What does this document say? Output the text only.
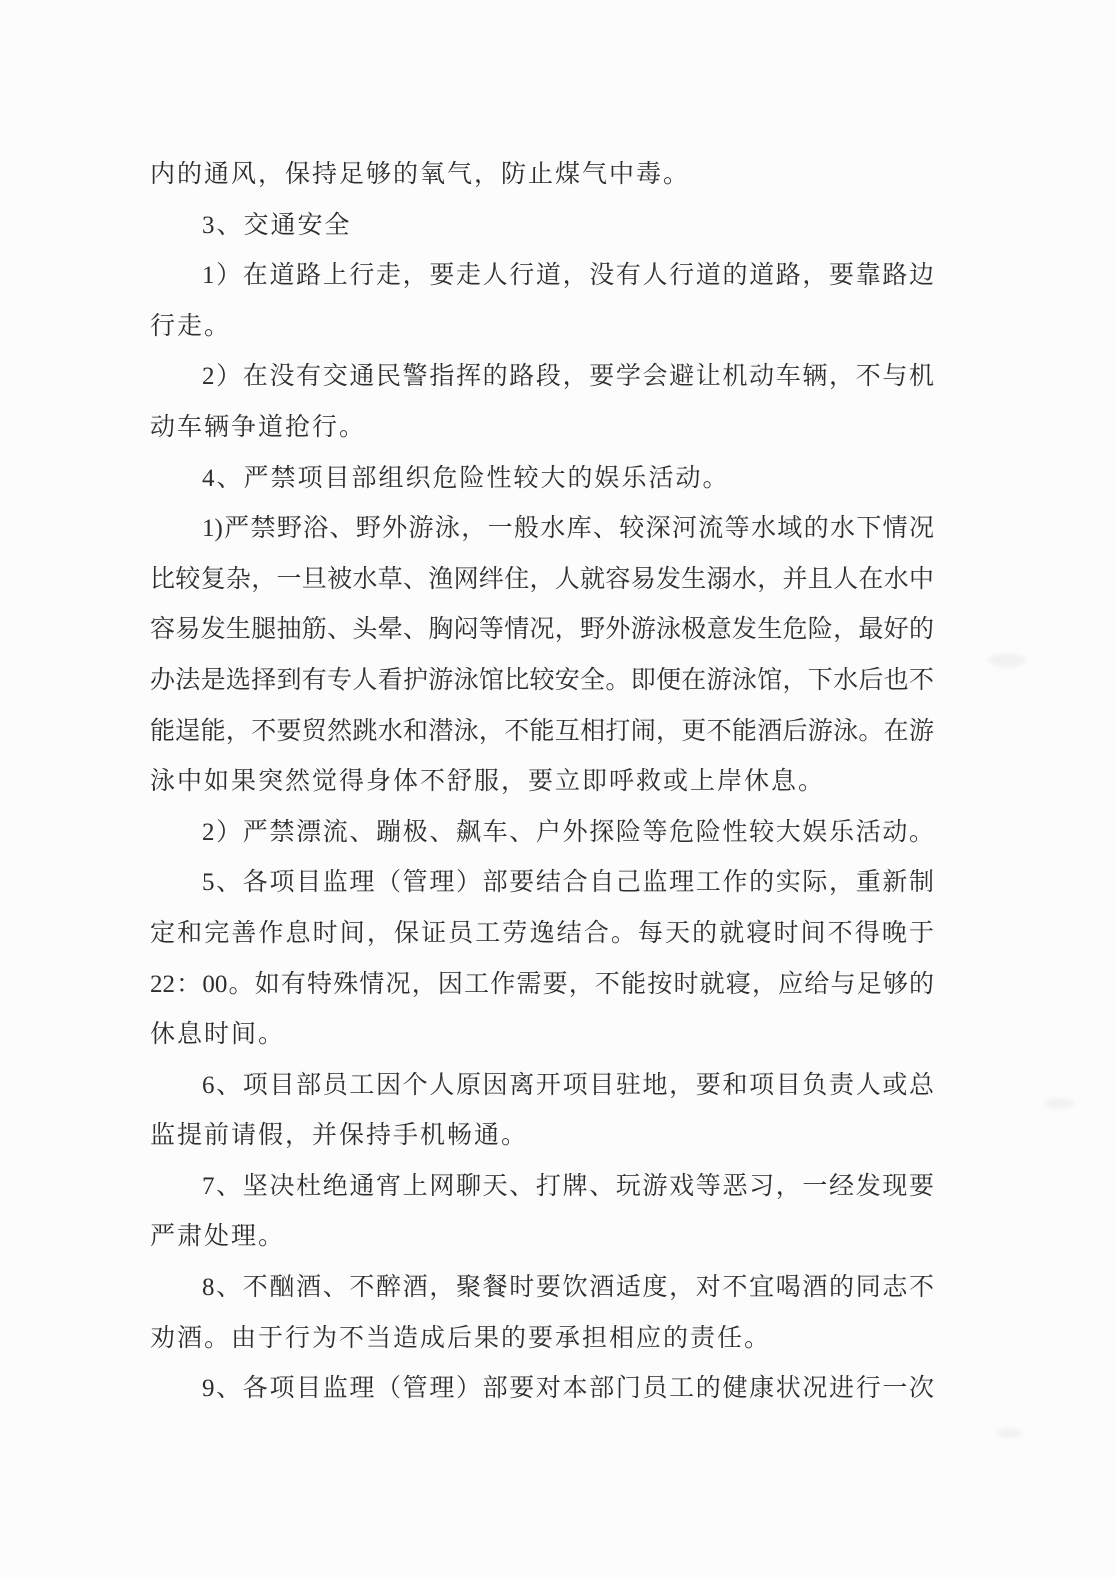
内的通风，保持足够的氧气，防止煤气中毒。
3、交通安全
1）在道路上行走，要走人行道，没有人行道的道路，要靠路边
行走。
2）在没有交通民警指挥的路段，要学会避让机动车辆，不与机
动车辆争道抢行。
4、严禁项目部组织危险性较大的娱乐活动。
1)严禁野浴、野外游泳，一般水库、较深河流等水域的水下情况
比较复杂，一旦被水草、渔网绊住，人就容易发生溺水，并且人在水中
容易发生腿抽筋、头晕、胸闷等情况，野外游泳极意发生危险，最好的
办法是选择到有专人看护游泳馆比较安全。即便在游泳馆，下水后也不
能逞能，不要贸然跳水和潜泳，不能互相打闹，更不能酒后游泳。在游
泳中如果突然觉得身体不舒服，要立即呼救或上岸休息。
2）严禁漂流、蹦极、飙车、户外探险等危险性较大娱乐活动。
5、各项目监理（管理）部要结合自己监理工作的实际，重新制
定和完善作息时间，保证员工劳逸结合。每天的就寝时间不得晚于
22：00。如有特殊情况，因工作需要，不能按时就寝，应给与足够的
休息时间。
6、项目部员工因个人原因离开项目驻地，要和项目负责人或总
监提前请假，并保持手机畅通。
7、坚决杜绝通宵上网聊天、打牌、玩游戏等恶习，一经发现要
严肃处理。
8、不酗酒、不醉酒，聚餐时要饮酒适度，对不宜喝酒的同志不
劝酒。由于行为不当造成后果的要承担相应的责任。
9、各项目监理（管理）部要对本部门员工的健康状况进行一次
